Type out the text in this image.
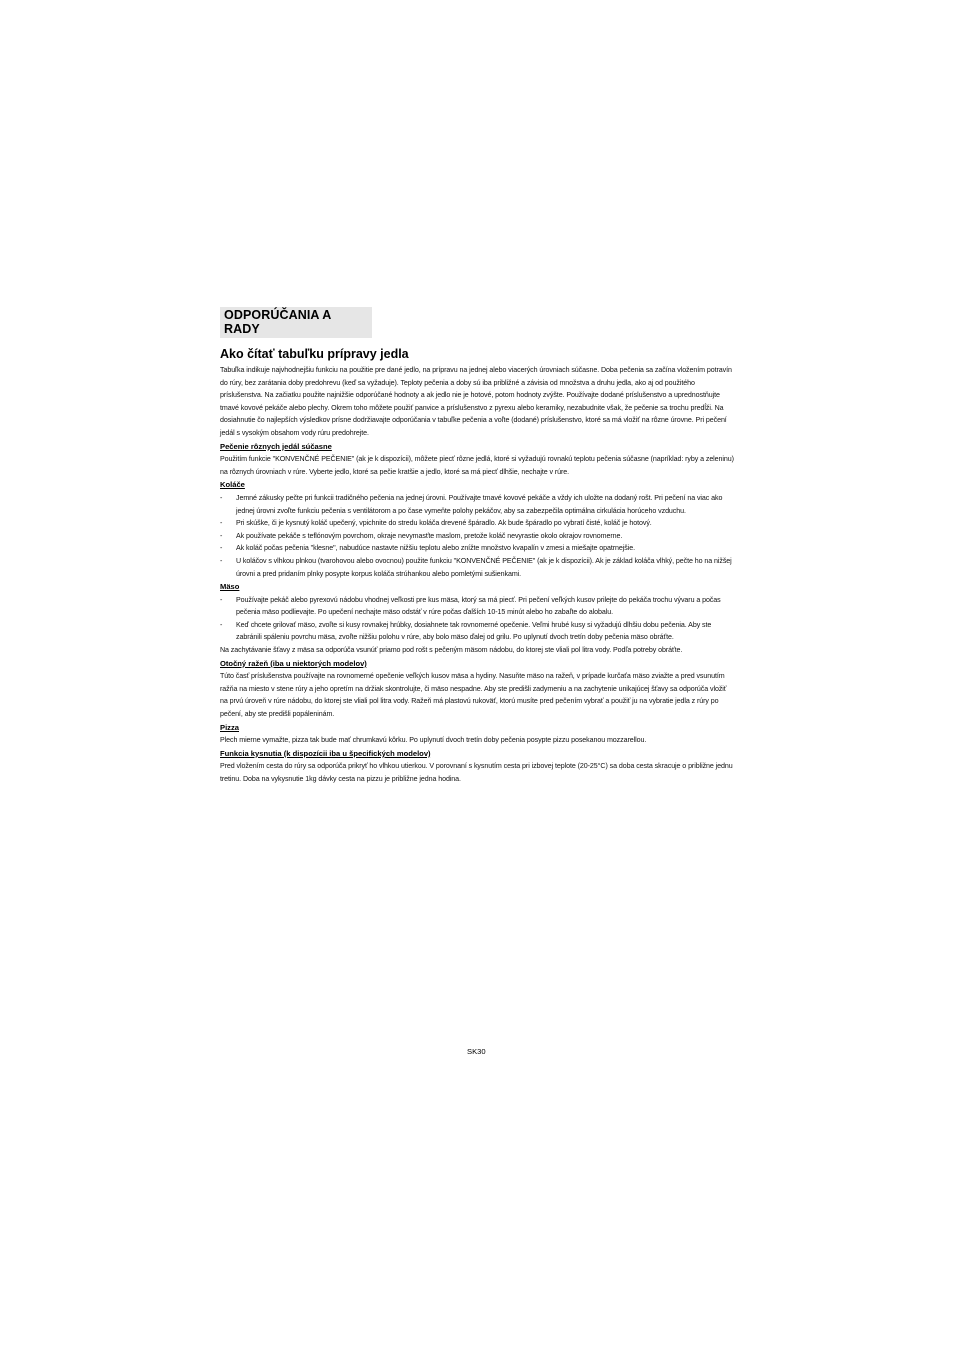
ODPORÚČANIA A RADY
Ako čítať tabuľku prípravy jedla

Tabuľka indikuje najvhodnejšiu funkciu na použitie pre dané jedlo, na prípravu na jednej alebo viacerých úrovniach súčasne. Doba pečenia sa začína vložením potravín do rúry, bez zarátania doby predohrevu (keď sa vyžaduje). Teploty pečenia a doby sú iba približné a závisia od množstva a druhu jedla, ako aj od použitého príslušenstva. Na začiatku použite najnižšie odporúčané hodnoty a ak jedlo nie je hotové, potom hodnoty zvýšte. Používajte dodané príslušenstvo a uprednostňujte tmavé kovové pekáče alebo plechy. Okrem toho môžete použiť panvice a príslušenstvo z pyrexu alebo keramiky, nezabudnite však, že pečenie sa trochu predĺži. Na dosiahnutie čo najlepších výsledkov prísne dodržiavajte odporúčania v tabuľke pečenia a voľte (dodané) príslušenstvo, ktoré sa má vložiť na rôzne úrovne. Pri pečení jedál s vysokým obsahom vody rúru predohrejte.

Pečenie rôznych jedál súčasne

Použitím funkcie "KONVENČNÉ PEČENIE" (ak je k dispozícii), môžete piecť rôzne jedlá, ktoré si vyžadujú rovnakú teplotu pečenia súčasne (napríklad: ryby a zeleninu) na rôznych úrovniach v rúre. Vyberte jedlo, ktoré sa pečie kratšie a jedlo, ktoré sa má piecť dlhšie, nechajte v rúre.

Koláče
- Jemné zákusky pečte pri funkcii tradičného pečenia na jednej úrovni. Používajte tmavé kovové pekáče a vždy ich uložte na dodaný rošt. Pri pečení na viac ako jednej úrovni zvoľte funkciu pečenia s ventilátorom a po čase vymeňte polohy pekáčov, aby sa zabezpečila optimálna cirkulácia horúceho vzduchu.
- Pri skúške, či je kysnutý koláč upečený, vpichnite do stredu koláča drevené špáradlo. Ak bude špáradlo po vybratí čisté, koláč je hotový.
- Ak používate pekáče s teflónovým povrchom, okraje nevymasťte maslom, pretože koláč nevyrastie okolo okrajov rovnomerne.
- Ak koláč počas pečenia "klesne", nabudúce nastavte nižšiu teplotu alebo znížte množstvo kvapalín v zmesi a miešajte opatrnejšie.
- U koláčov s vlhkou plnkou (tvarohovou alebo ovocnou) použite funkciu "KONVENČNÉ PEČENIE" (ak je k dispozícii). Ak je základ koláča vlhký, pečte ho na nižšej úrovni a pred pridaním plnky posypte korpus koláča strúhankou alebo pomletými sušienkami.
Mäso
- Používajte pekáč alebo pyrexovú nádobu vhodnej veľkosti pre kus mäsa, ktorý sa má piecť. Pri pečení veľkých kusov prilejte do pekáča trochu vývaru a počas pečenia mäso podlievajte. Po upečení nechajte mäso odstáť v rúre počas ďalších 10-15 minút alebo ho zabaľte do alobalu.
- Keď chcete grilovať mäso, zvoľte si kusy rovnakej hrúbky, dosiahnete tak rovnomerné opečenie. Veľmi hrubé kusy si vyžadujú dlhšiu dobu pečenia. Aby ste zabránili spáleniu povrchu mäsa, zvoľte nižšiu polohu v rúre, aby bolo mäso ďalej od grilu. Po uplynutí dvoch tretín doby pečenia mäso obráťte.

Na zachytávanie šťavy z mäsa sa odporúča vsunúť priamo pod rošt s pečeným mäsom nádobu, do ktorej ste vliali pol litra vody. Podľa potreby obráťte.

Otočný ražeň (iba u niektorých modelov)

Túto časť príslušenstva používajte na rovnomerné opečenie veľkých kusov mäsa a hydiny. Nasuňte mäso na ražeň, v prípade kurčaťa mäso zviažte a pred vsunutím ražňa na miesto v stene rúry a jeho opretím na držiak skontrolujte, či mäso nespadne. Aby ste predišli zadymeniu a na zachytenie unikajúcej šťavy sa odporúča vložiť na prvú úroveň v rúre nádobu, do ktorej ste vliali pol litra vody. Ražeň má plastovú rukoväť, ktorú musíte pred pečením vybrať a použiť ju na vybratie jedla z rúry po pečení, aby ste predišli popáleninám.

Pizza

Plech mierne vymažte, pizza tak bude mať chrumkavú kôrku. Po uplynutí dvoch tretín doby pečenia posypte pizzu posekanou mozzarellou.

Funkcia kysnutia (k dispozícii iba u špecifických modelov)

Pred vložením cesta do rúry sa odporúča prikryť ho vlhkou utierkou. V porovnaní s kysnutím cesta pri izbovej teplote (20-25°C) sa doba cesta skracuje o približne jednu tretinu. Doba na vykysnutie 1kg dávky cesta na pizzu je približne jedna hodina.

SK30
